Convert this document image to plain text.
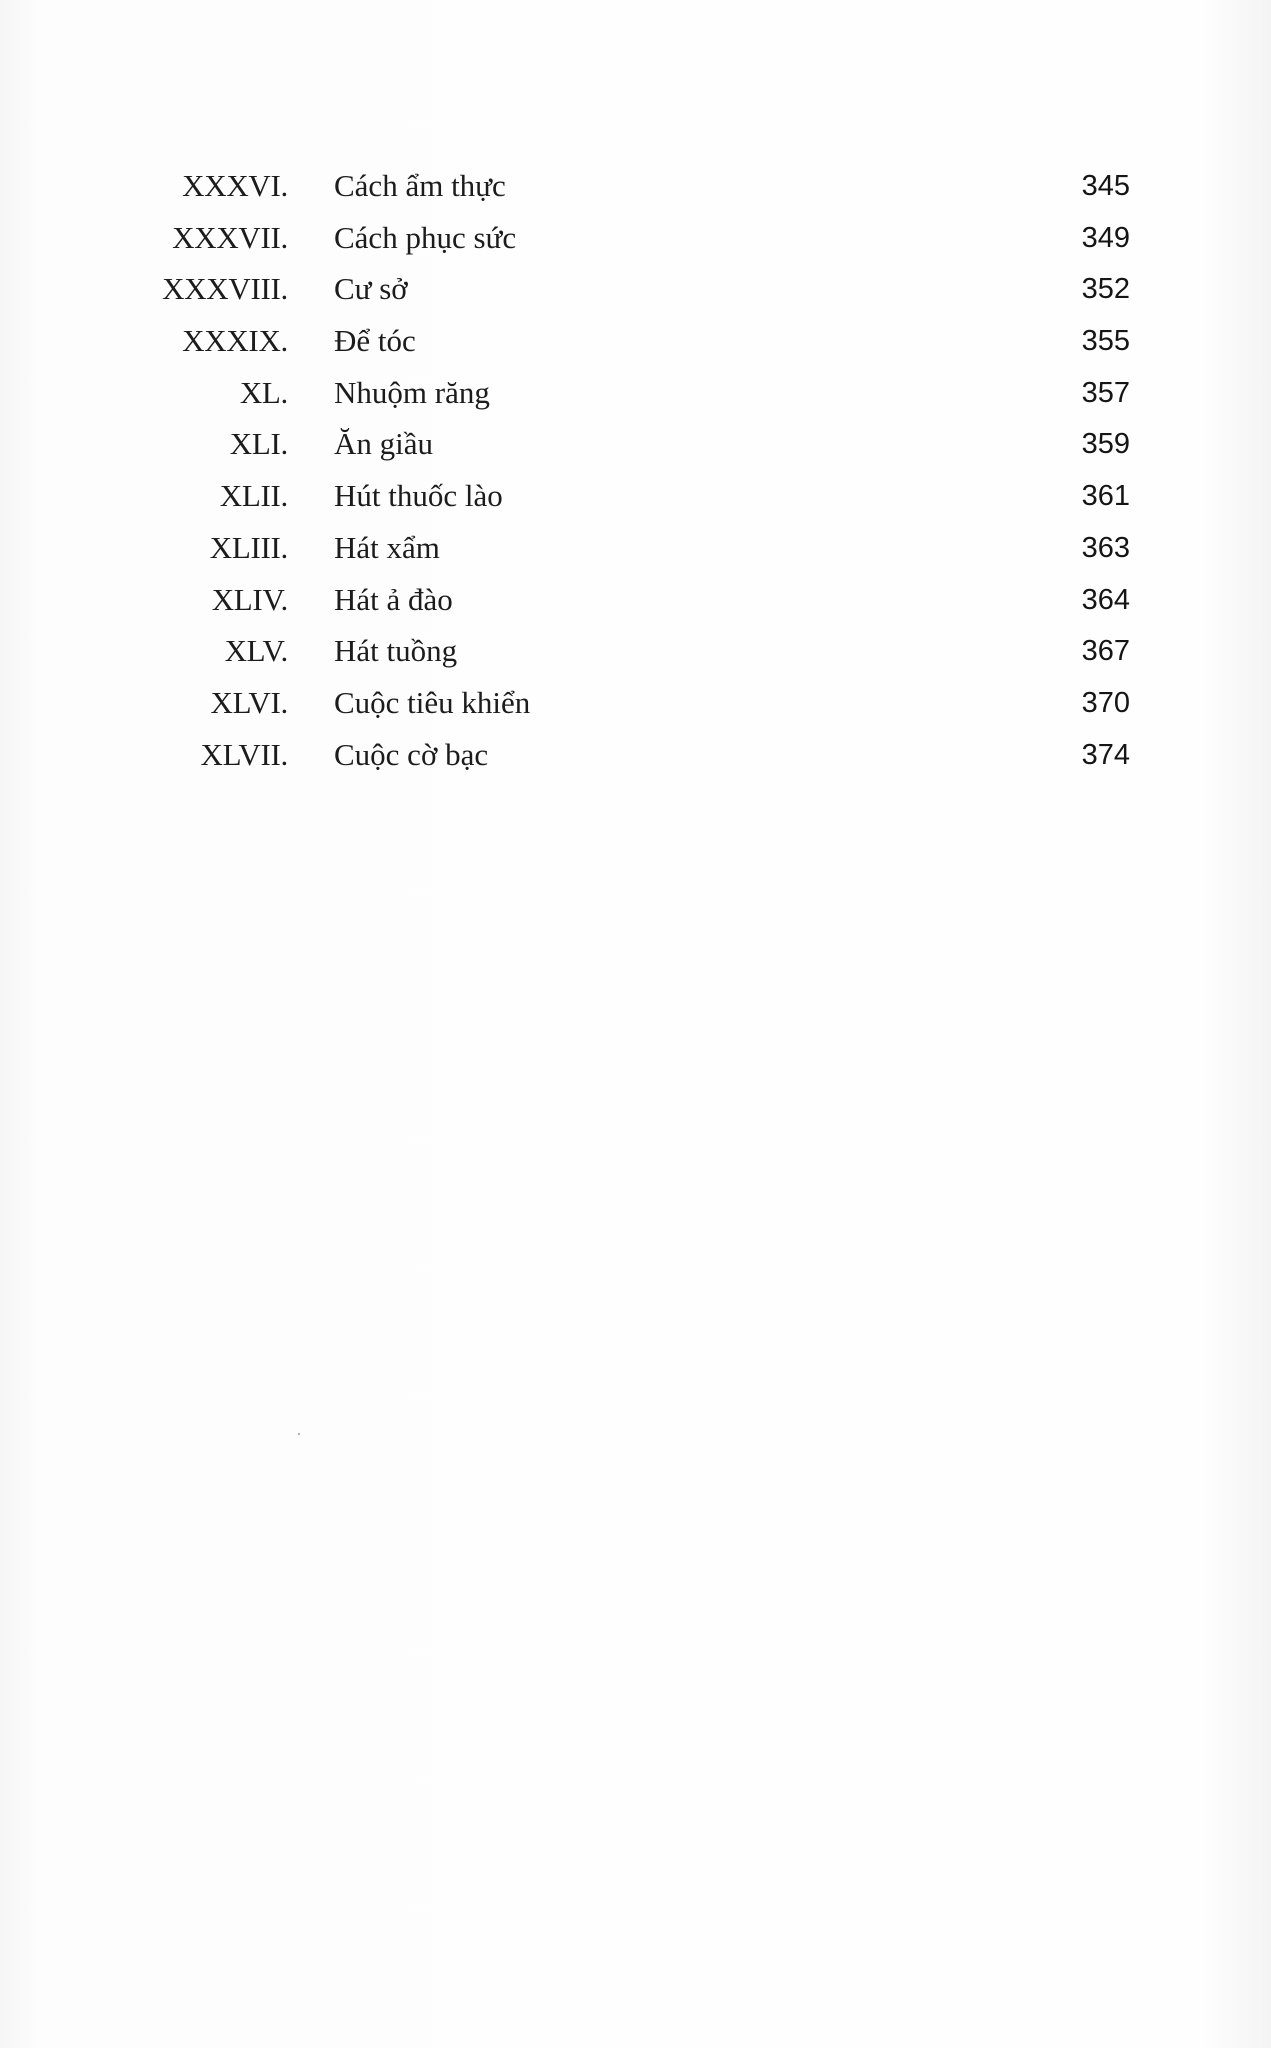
XXXVI. Cách ẩm thực	345
XXXVII. Cách phục sức	349
XXXVIII. Cư sở	352
XXXIX. Để tóc	355
XL. Nhuộm răng	357
XLI. Ăn giầu	359
XLII. Hút thuốc lào	361
XLIII. Hát xẩm	363
XLIV. Hát ả đào	364
XLV. Hát tuồng	367
XLVI. Cuộc tiêu khiển	370
XLVII. Cuộc cờ bạc	374
